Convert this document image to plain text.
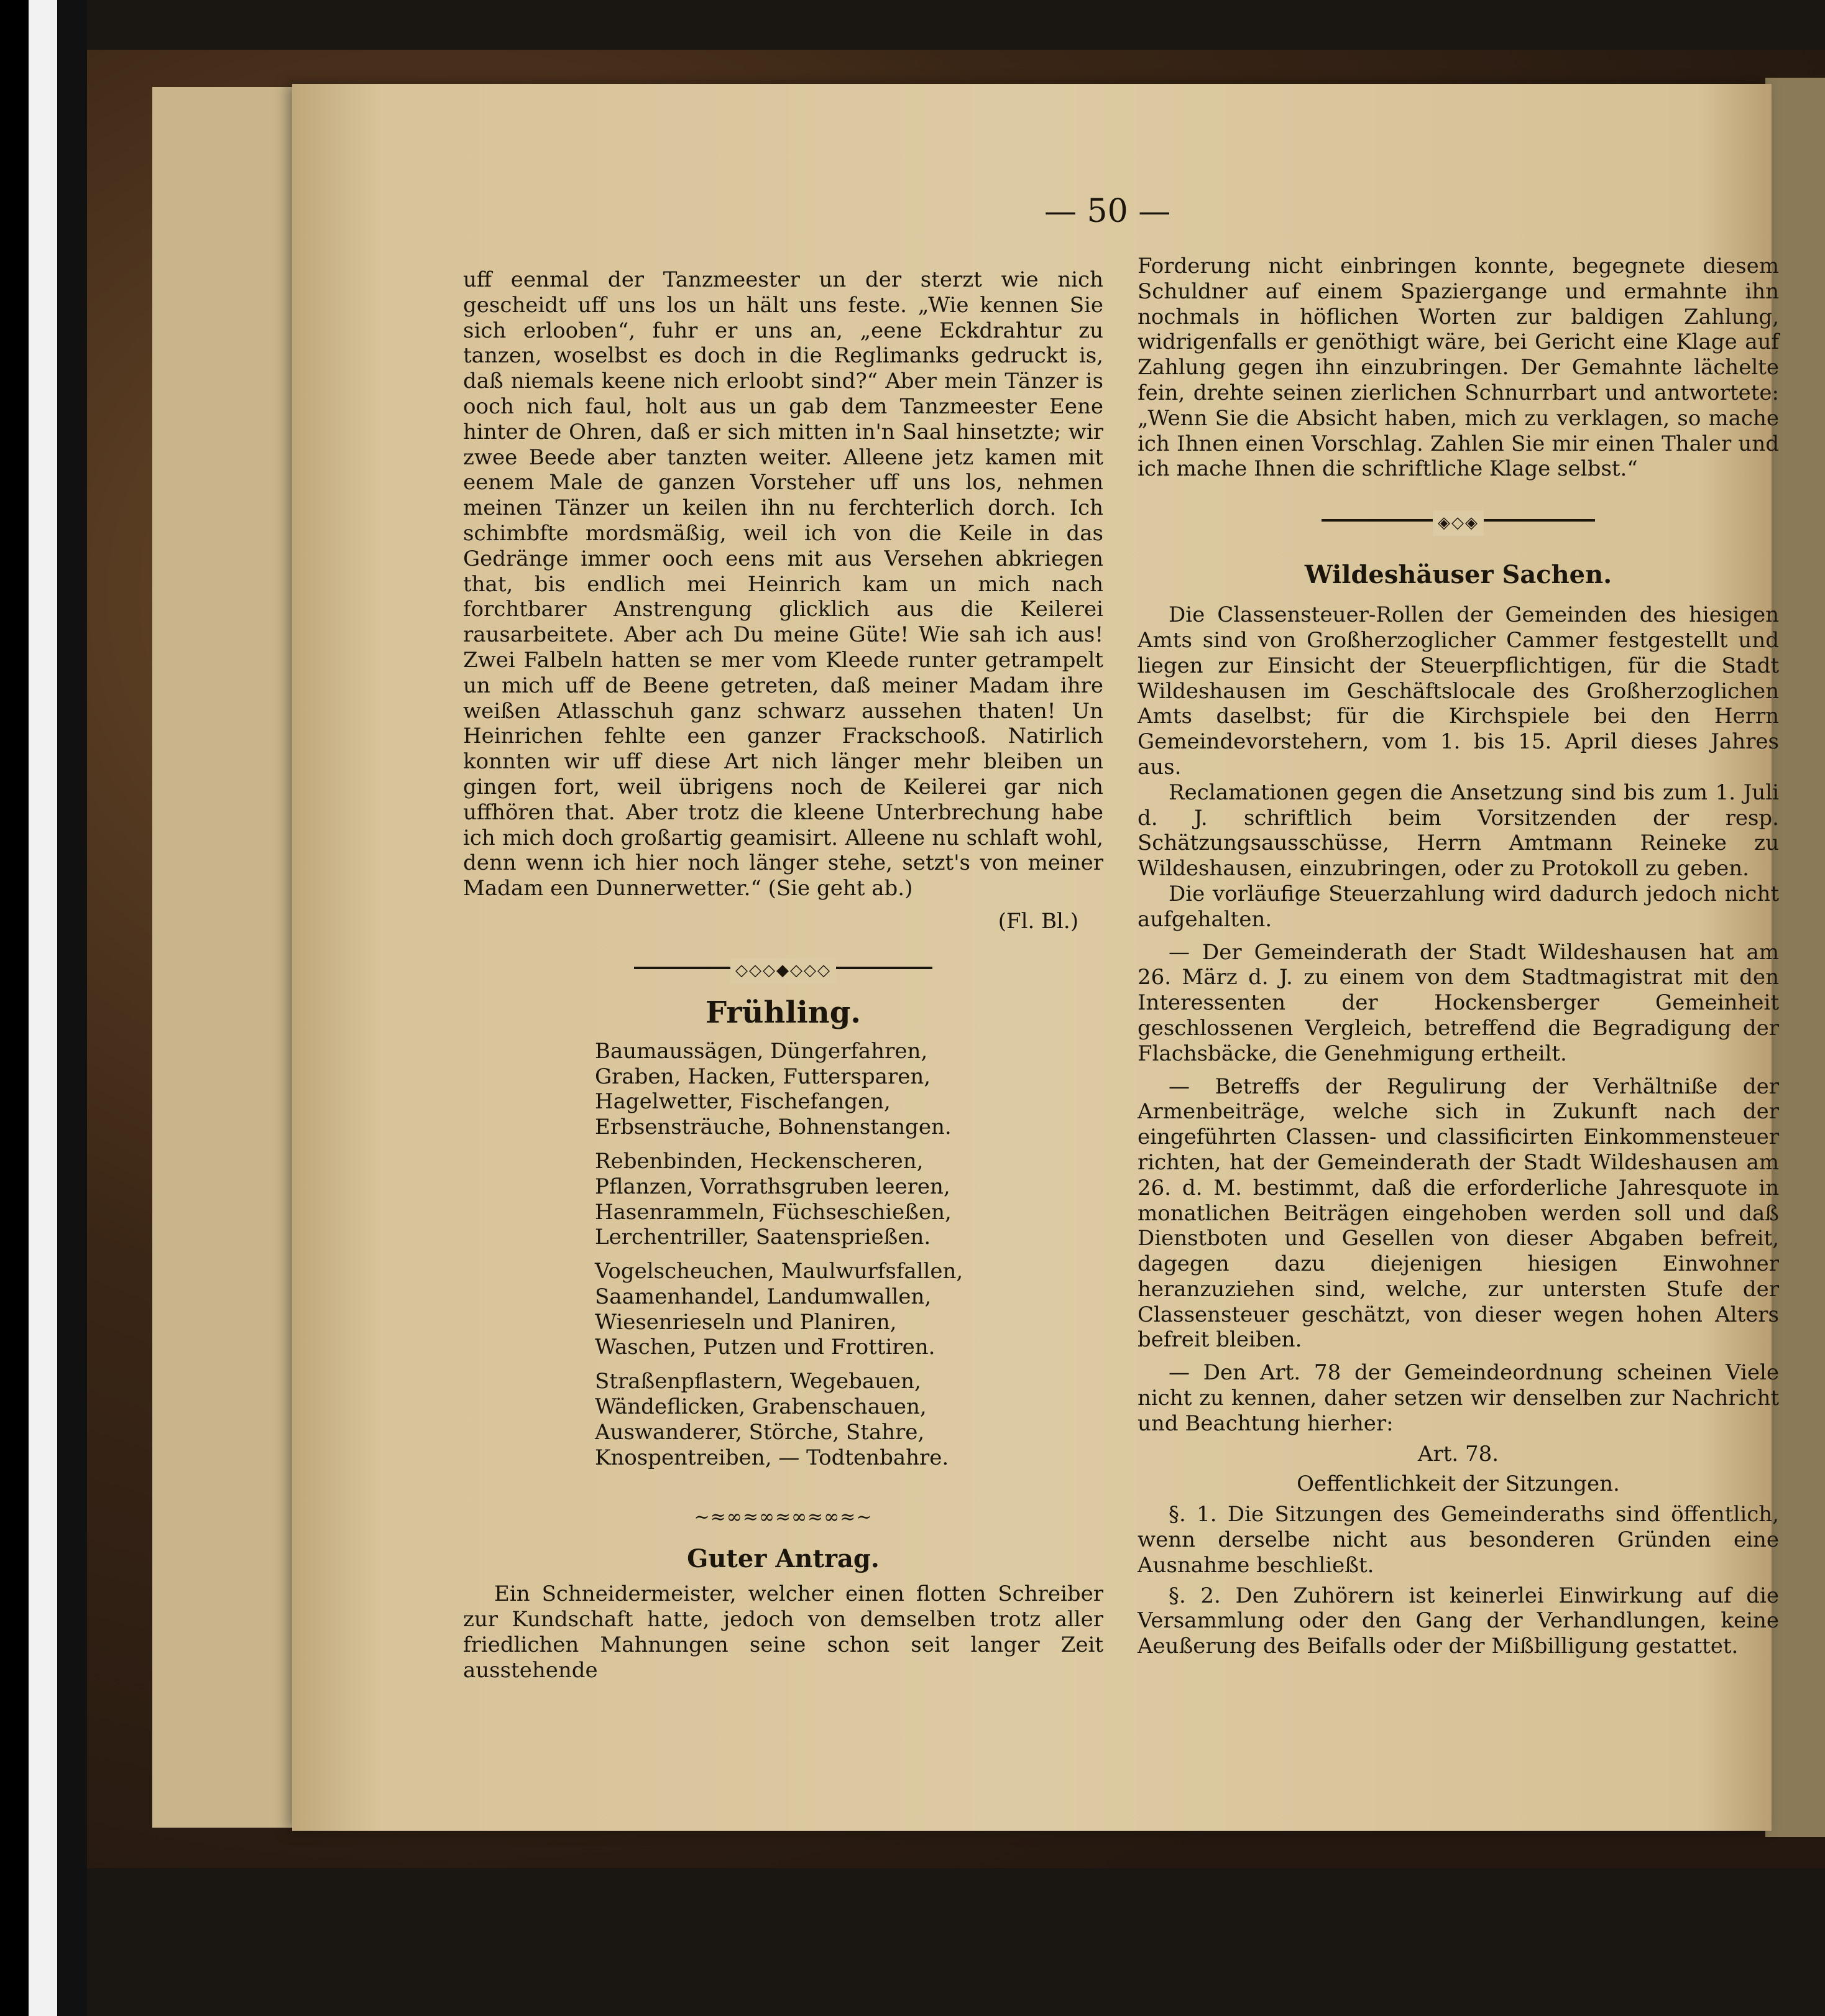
— 50 —

uff eenmal der Tanzmeester un der sterzt wie nich gescheidt uff uns los un hält uns feste. „Wie kennen Sie sich erlooben“, fuhr er uns an, „eene Eckdrahtur zu tanzen, woselbst es doch in die Reglimanks gedruckt is, daß niemals keene nich erloobt sind?“ Aber mein Tänzer is ooch nich faul, holt aus un gab dem Tanzmeester Eene hinter de Ohren, daß er sich mitten in'n Saal hinsetzte; wir zwee Beede aber tanzten weiter. Alleene jetz kamen mit eenem Male de ganzen Vorsteher uff uns los, nehmen meinen Tänzer un keilen ihn nu ferchterlich dorch. Ich schimbfte mordsmäßig, weil ich von die Keile in das Gedränge immer ooch eens mit aus Versehen abkriegen that, bis endlich mei Heinrich kam un mich nach forchtbarer Anstrengung glicklich aus die Keilerei rausarbeitete. Aber ach Du meine Güte! Wie sah ich aus! Zwei Falbeln hatten se mer vom Kleede runter getrampelt un mich uff de Beene getreten, daß meiner Madam ihre weißen Atlasschuh ganz schwarz aussehen thaten! Un Heinrichen fehlte een ganzer Frackschooß. Natirlich konnten wir uff diese Art nich länger mehr bleiben un gingen fort, weil übrigens noch de Keilerei gar nich uffhören that. Aber trotz die kleene Unterbrechung habe ich mich doch großartig geamisirt. Alleene nu schlaft wohl, denn wenn ich hier noch länger stehe, setzt's von meiner Madam een Dunnerwetter.“ (Sie geht ab.)

(Fl. Bl.)

◇◇◇◆◇◇◇
Frühling.
Baumaussägen, Düngerfahren,
Graben, Hacken, Futtersparen,
Hagelwetter, Fischefangen,
Erbsensträuche, Bohnenstangen.
Rebenbinden, Heckenscheren,
Pflanzen, Vorrathsgruben leeren,
Hasenrammeln, Füchseschießen,
Lerchentriller, Saatensprießen.
Vogelscheuchen, Maulwurfsfallen,
Saamenhandel, Landumwallen,
Wiesenrieseln und Planiren,
Waschen, Putzen und Frottiren.
Straßenpflastern, Wegebauen,
Wändeflicken, Grabenschauen,
Auswanderer, Störche, Stahre,
Knospentreiben, — Todtenbahre.
~≈∞≈∞≈∞≈∞≈~
Guter Antrag.

Ein Schneidermeister, welcher einen flotten Schreiber zur Kundschaft hatte, jedoch von demselben trotz aller friedlichen Mahnungen seine schon seit langer Zeit ausstehende

Forderung nicht einbringen konnte, begegnete diesem Schuldner auf einem Spaziergange und ermahnte ihn nochmals in höflichen Worten zur baldigen Zahlung, widrigenfalls er genöthigt wäre, bei Gericht eine Klage auf Zahlung gegen ihn einzubringen. Der Gemahnte lächelte fein, drehte seinen zierlichen Schnurrbart und antwortete: „Wenn Sie die Absicht haben, mich zu verklagen, so mache ich Ihnen einen Vorschlag. Zahlen Sie mir einen Thaler und ich mache Ihnen die schriftliche Klage selbst.“

◈◇◈
Wildeshäuser Sachen.

Die Classensteuer-Rollen der Gemeinden des hiesigen Amts sind von Großherzoglicher Cammer festgestellt und liegen zur Einsicht der Steuerpflichtigen, für die Stadt Wildeshausen im Geschäftslocale des Großherzoglichen Amts daselbst; für die Kirchspiele bei den Herrn Gemeindevorstehern, vom 1. bis 15. April dieses Jahres aus.

Reclamationen gegen die Ansetzung sind bis zum 1. Juli d. J. schriftlich beim Vorsitzenden der resp. Schätzungsausschüsse, Herrn Amtmann Reineke zu Wildeshausen, einzubringen, oder zu Protokoll zu geben.

Die vorläufige Steuerzahlung wird dadurch jedoch nicht aufgehalten.

— Der Gemeinderath der Stadt Wildeshausen hat am 26. März d. J. zu einem von dem Stadtmagistrat mit den Interessenten der Hockensberger Gemeinheit geschlossenen Vergleich, betreffend die Begradigung der Flachsbäcke, die Genehmigung ertheilt.

— Betreffs der Regulirung der Verhältniße der Armenbeiträge, welche sich in Zukunft nach der eingeführten Classen- und classificirten Einkommensteuer richten, hat der Gemeinderath der Stadt Wildeshausen am 26. d. M. bestimmt, daß die erforderliche Jahresquote in monatlichen Beiträgen eingehoben werden soll und daß Dienstboten und Gesellen von dieser Abgaben befreit, dagegen dazu diejenigen hiesigen Einwohner heranzuziehen sind, welche, zur untersten Stufe der Classensteuer geschätzt, von dieser wegen hohen Alters befreit bleiben.

— Den Art. 78 der Gemeindeordnung scheinen Viele nicht zu kennen, daher setzen wir denselben zur Nachricht und Beachtung hierher:

Art. 78.

Oeffentlichkeit der Sitzungen.

§. 1. Die Sitzungen des Gemeinderaths sind öffentlich, wenn derselbe nicht aus besonderen Gründen eine Ausnahme beschließt.

§. 2. Den Zuhörern ist keinerlei Einwirkung auf die Versammlung oder den Gang der Verhandlungen, keine Aeußerung des Beifalls oder der Mißbilligung gestattet.
